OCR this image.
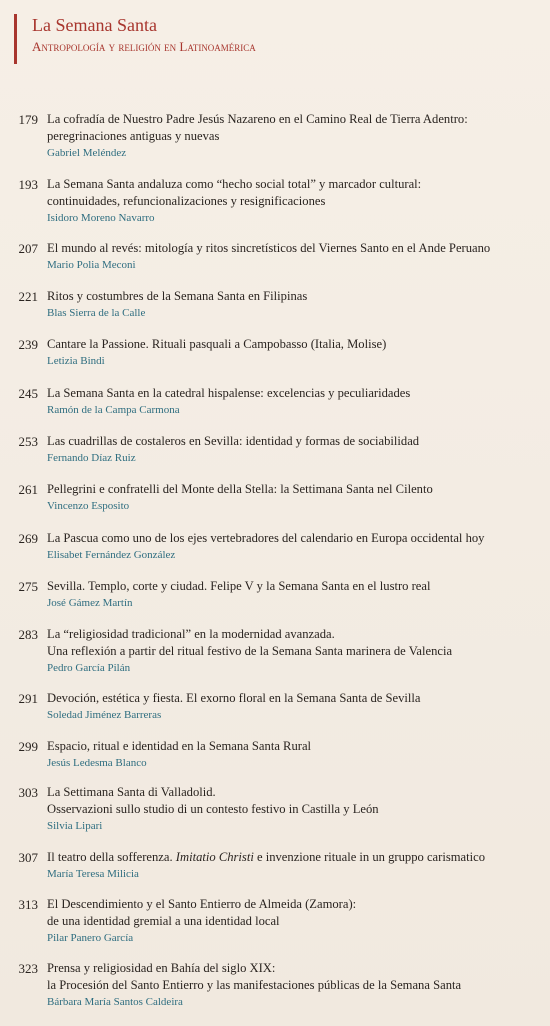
La Semana Santa
Antropología y religión en Latinoamérica
179 La cofradía de Nuestro Padre Jesús Nazareno en el Camino Real de Tierra Adentro:
peregrinaciones antiguas y nuevas
Gabriel Meléndez
193 La Semana Santa andaluza como “hecho social total” y marcador cultural:
continuidades, refuncionalizaciones y resignificaciones
Isidoro Moreno Navarro
207 El mundo al revés: mitología y ritos sincretísticos del Viernes Santo en el Ande Peruano
Mario Polia Meconi
221 Ritos y costumbres de la Semana Santa en Filipinas
Blas Sierra de la Calle
239 Cantare la Passione. Rituali pasquali a Campobasso (Italia, Molise)
Letizia Bindi
245 La Semana Santa en la catedral hispalense: excelencias y peculiaridades
Ramón de la Campa Carmona
253 Las cuadrillas de costaleros en Sevilla: identidad y formas de sociabilidad
Fernando Díaz Ruiz
261 Pellegrini e confratelli del Monte della Stella: la Settimana Santa nel Cilento
Vincenzo Esposito
269 La Pascua como uno de los ejes vertebradores del calendario en Europa occidental hoy
Elisabet Fernández González
275 Sevilla. Templo, corte y ciudad. Felipe V y la Semana Santa en el lustro real
José Gámez Martín
283 La “religiosidad tradicional” en la modernidad avanzada.
Una reflexión a partir del ritual festivo de la Semana Santa marinera de Valencia
Pedro García Pilán
291 Devoción, estética y fiesta. El exorno floral en la Semana Santa de Sevilla
Soledad Jiménez Barreras
299 Espacio, ritual e identidad en la Semana Santa Rural
Jesús Ledesma Blanco
303 La Settimana Santa di Valladolid.
Osservazioni sullo studio di un contesto festivo in Castilla y León
Silvia Lipari
307 Il teatro della sofferenza. Imitatio Christi e invenzione rituale in un gruppo carismatico
María Teresa Milicia
313 El Descendimiento y el Santo Entierro de Almeida (Zamora):
de una identidad gremial a una identidad local
Pilar Panero García
323 Prensa y religiosidad en Bahía del siglo XIX:
la Procesión del Santo Entierro y las manifestaciones públicas de la Semana Santa
Bárbara María Santos Caldeira
